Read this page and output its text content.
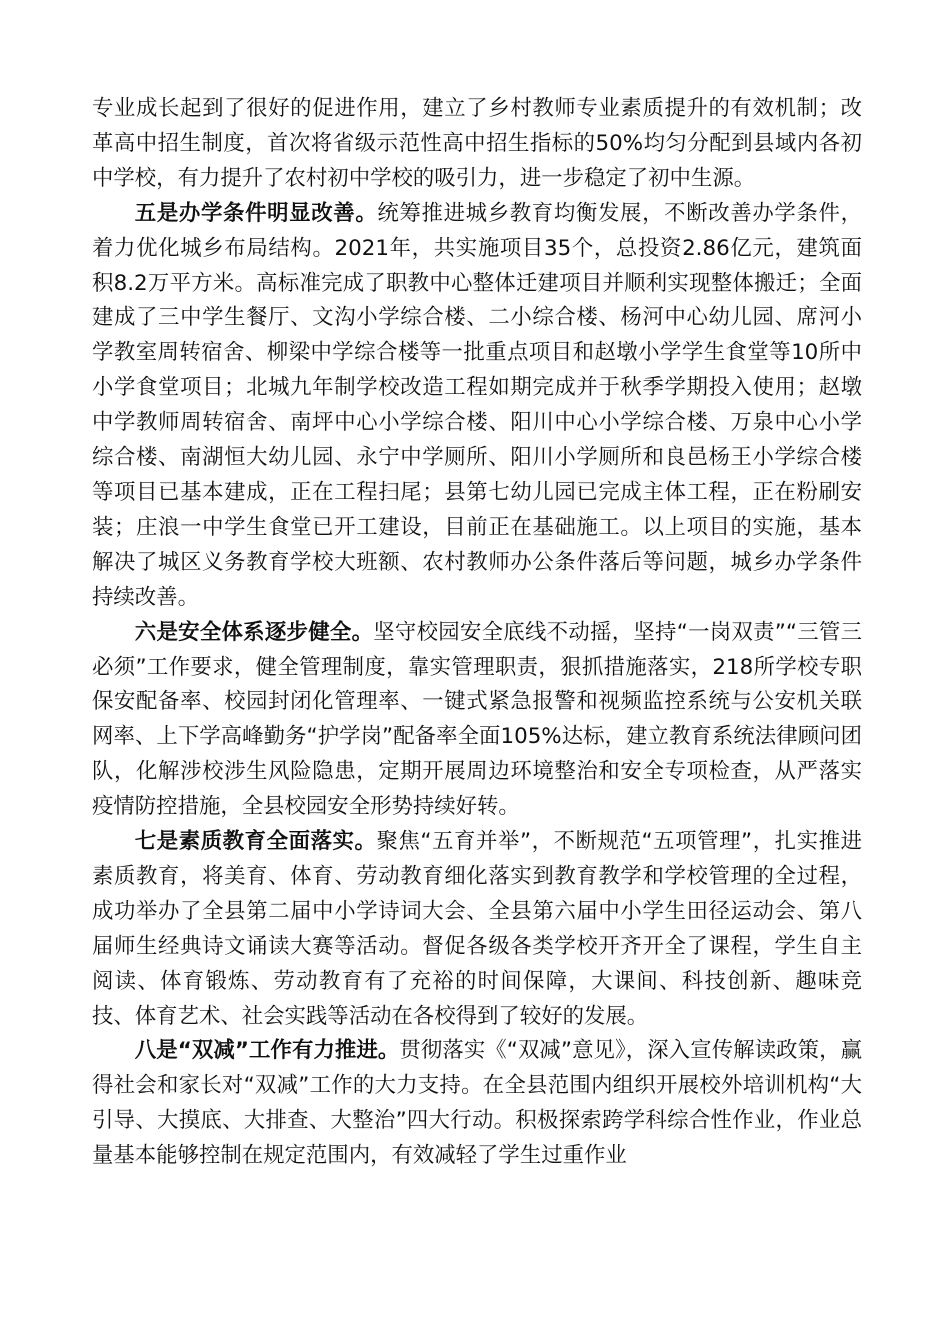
专业成长起到了很好的促进作用，建立了乡村教师专业素质提升的有效机制；改革高中招生制度，首次将省级示范性高中招生指标的50%均匀分配到县域内各初中学校，有力提升了农村初中学校的吸引力，进一步稳定了初中生源。

五是办学条件明显改善。统筹推进城乡教育均衡发展，不断改善办学条件，着力优化城乡布局结构。2021年，共实施项目35个，总投资2.86亿元，建筑面积8.2万平方米。高标准完成了职教中心整体迁建项目并顺利实现整体搬迁；全面建成了三中学生餐厅、文沟小学综合楼、二小综合楼、杨河中心幼儿园、席河小学教室周转宿舍、柳梁中学综合楼等一批重点项目和赵墩小学学生食堂等10所中小学食堂项目；北城九年制学校改造工程如期完成并于秋季学期投入使用；赵墩中学教师周转宿舍、南坪中心小学综合楼、阳川中心小学综合楼、万泉中心小学综合楼、南湖恒大幼儿园、永宁中学厕所、阳川小学厕所和良邑杨王小学综合楼等项目已基本建成，正在工程扫尾；县第七幼儿园已完成主体工程，正在粉刷安装；庄浪一中学生食堂已开工建设，目前正在基础施工。以上项目的实施，基本解决了城区义务教育学校大班额、农村教师办公条件落后等问题，城乡办学条件持续改善。

六是安全体系逐步健全。坚守校园安全底线不动摇，坚持“一岗双责”“三管三必须”工作要求，健全管理制度，靠实管理职责，狠抓措施落实，218所学校专职保安配备率、校园封闭化管理率、一键式紧急报警和视频监控系统与公安机关联网率、上下学高峰勤务“护学岗”配备率全面105%达标，建立教育系统法律顾问团队，化解涉校涉生风险隐患，定期开展周边环境整治和安全专项检查，从严落实疫情防控措施，全县校园安全形势持续好转。

七是素质教育全面落实。聚焦“五育并举”，不断规范“五项管理”，扎实推进素质教育，将美育、体育、劳动教育细化落实到教育教学和学校管理的全过程，成功举办了全县第二届中小学诗词大会、全县第六届中小学生田径运动会、第八届师生经典诗文诵读大赛等活动。督促各级各类学校开齐开全了课程，学生自主阅读、体育锻炼、劳动教育有了充裕的时间保障，大课间、科技创新、趣味竞技、体育艺术、社会实践等活动在各校得到了较好的发展。

八是“双减”工作有力推进。贯彻落实《“双减”意见》，深入宣传解读政策，赢得社会和家长对“双减”工作的大力支持。在全县范围内组织开展校外培训机构“大引导、大摸底、大排查、大整治”四大行动。积极探索跨学科综合性作业，作业总量基本能够控制在规定范围内，有效减轻了学生过重作业
